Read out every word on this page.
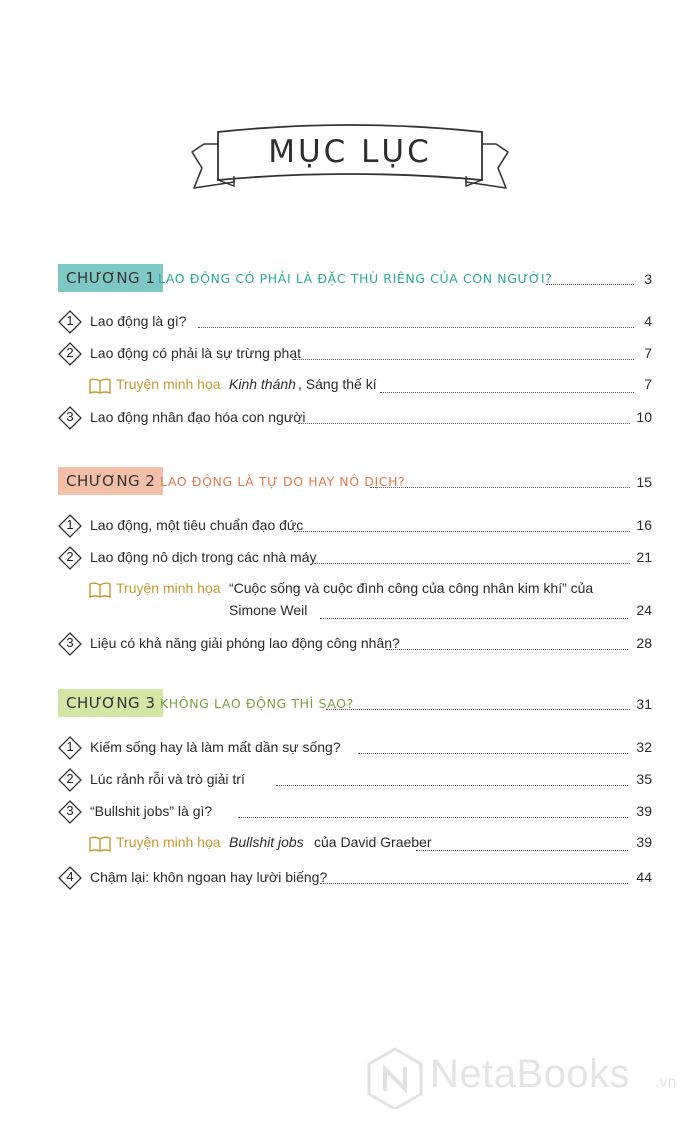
MỤC LỤC
CHƯƠNG 1 LAO ĐỘNG CÓ PHẢI LÀ ĐẶC THÙ RIÊNG CỦA CON NGƯỜI?	3
1	Lao động là gì?	4
2	Lao động có phải là sự trừng phạt	7
Truyện minh họa Kinh thánh , Sáng thế kí	7
3	Lao động nhân đạo hóa con người	10
CHƯƠNG 2 LAO ĐỘNG LÀ TỰ DO HAY NÔ DỊCH?	15
1	Lao động, một tiêu chuẩn đạo đức	16
2	Lao động nô dịch trong các nhà máy	21
Truyện minh họa “Cuộc sống và cuộc đình công của công nhân kim khí” của
Simone Weil	24
3	Liệu có khả năng giải phóng lao động công nhân?	28
CHƯƠNG 3 KHÔNG LAO ĐỘNG THÌ SAO?	31
1	Kiếm sống hay là làm mất dần sự sống?	32
2	Lúc rảnh rỗi và trò giải trí	35
3	“Bullshit jobs” là gì?	39
Truyện minh họa Bullshit jobs của David Graeber	39
4	Chậm lại: khôn ngoan hay lười biếng?	44
NetaBooks .vn
